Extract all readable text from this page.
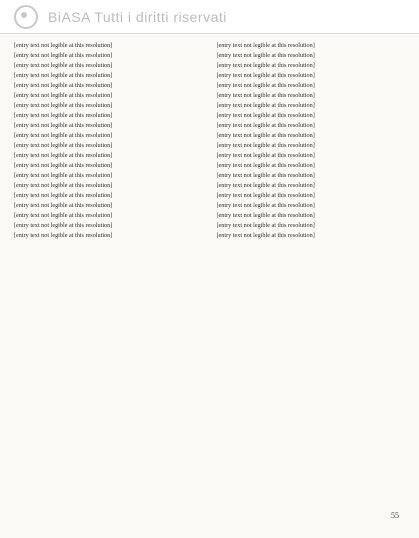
BiASA Tutti i diritti riservati

[entry text not legible at this resolution]

[entry text not legible at this resolution]

[entry text not legible at this resolution]

[entry text not legible at this resolution]

[entry text not legible at this resolution]

[entry text not legible at this resolution]

[entry text not legible at this resolution]

[entry text not legible at this resolution]

[entry text not legible at this resolution]

[entry text not legible at this resolution]

[entry text not legible at this resolution]

[entry text not legible at this resolution]

[entry text not legible at this resolution]

[entry text not legible at this resolution]

[entry text not legible at this resolution]

[entry text not legible at this resolution]

[entry text not legible at this resolution]

[entry text not legible at this resolution]

[entry text not legible at this resolution]

[entry text not legible at this resolution]

[entry text not legible at this resolution]

[entry text not legible at this resolution]

[entry text not legible at this resolution]

[entry text not legible at this resolution]

[entry text not legible at this resolution]

[entry text not legible at this resolution]

[entry text not legible at this resolution]

[entry text not legible at this resolution]

[entry text not legible at this resolution]

[entry text not legible at this resolution]

[entry text not legible at this resolution]

[entry text not legible at this resolution]

[entry text not legible at this resolution]

[entry text not legible at this resolution]

[entry text not legible at this resolution]

[entry text not legible at this resolution]

[entry text not legible at this resolution]

[entry text not legible at this resolution]

[entry text not legible at this resolution]

[entry text not legible at this resolution]

55
